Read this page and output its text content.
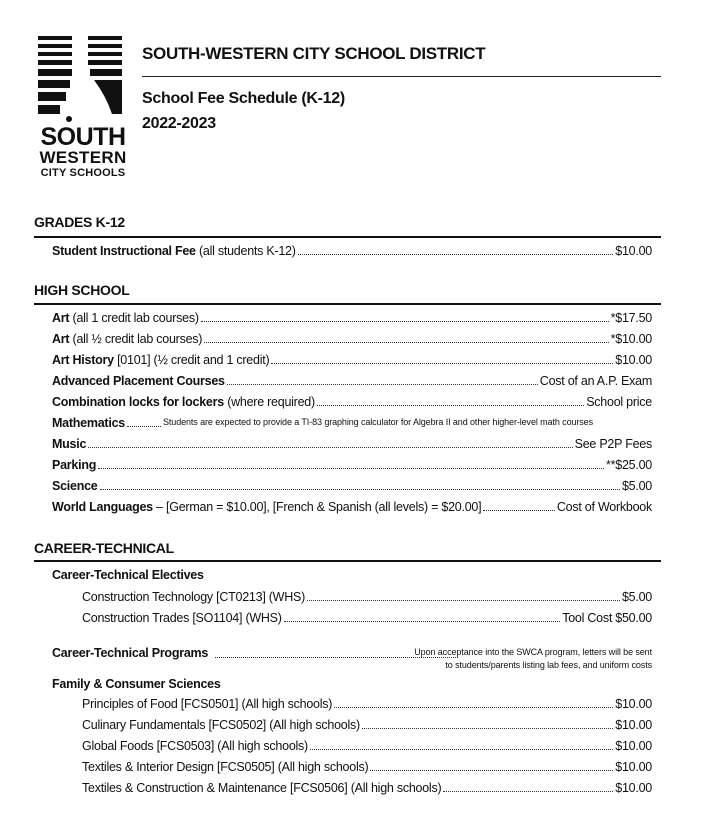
SOUTH
WESTERN
CITY SCHOOLS
SOUTH-WESTERN CITY SCHOOL DISTRICT
School Fee Schedule (K-12)
2022-2023
GRADES K-12
Student Instructional Fee (all students K-12)	$10.00
HIGH SCHOOL
Art (all 1 credit lab courses)	*$17.50
Art (all ½ credit lab courses)	*$10.00
Art History [0101] (½ credit and 1 credit)	$10.00
Advanced Placement Courses	Cost of an A.P. Exam
Combination locks for lockers (where required)	School price
Mathematics	Students are expected to provide a TI-83 graphing calculator for Algebra II and other higher-level math courses
Music	See P2P Fees
Parking	**$25.00
Science	$5.00
World Languages – [German = $10.00], [French & Spanish (all levels) = $20.00]	Cost of Workbook
CAREER-TECHNICAL
Career-Technical Electives
Construction Technology [CT0213] (WHS)	$5.00
Construction Trades [SO1104] (WHS)	Tool Cost $50.00
Career-Technical Programs	Upon acceptance into the SWCA program, letters will be sent
to students/parents listing lab fees, and uniform costs
Family & Consumer Sciences
Principles of Food [FCS0501] (All high schools)	$10.00
Culinary Fundamentals [FCS0502] (All high schools)	$10.00
Global Foods [FCS0503] (All high schools)	$10.00
Textiles & Interior Design [FCS0505] (All high schools)	$10.00
Textiles & Construction & Maintenance [FCS0506] (All high schools)	$10.00
